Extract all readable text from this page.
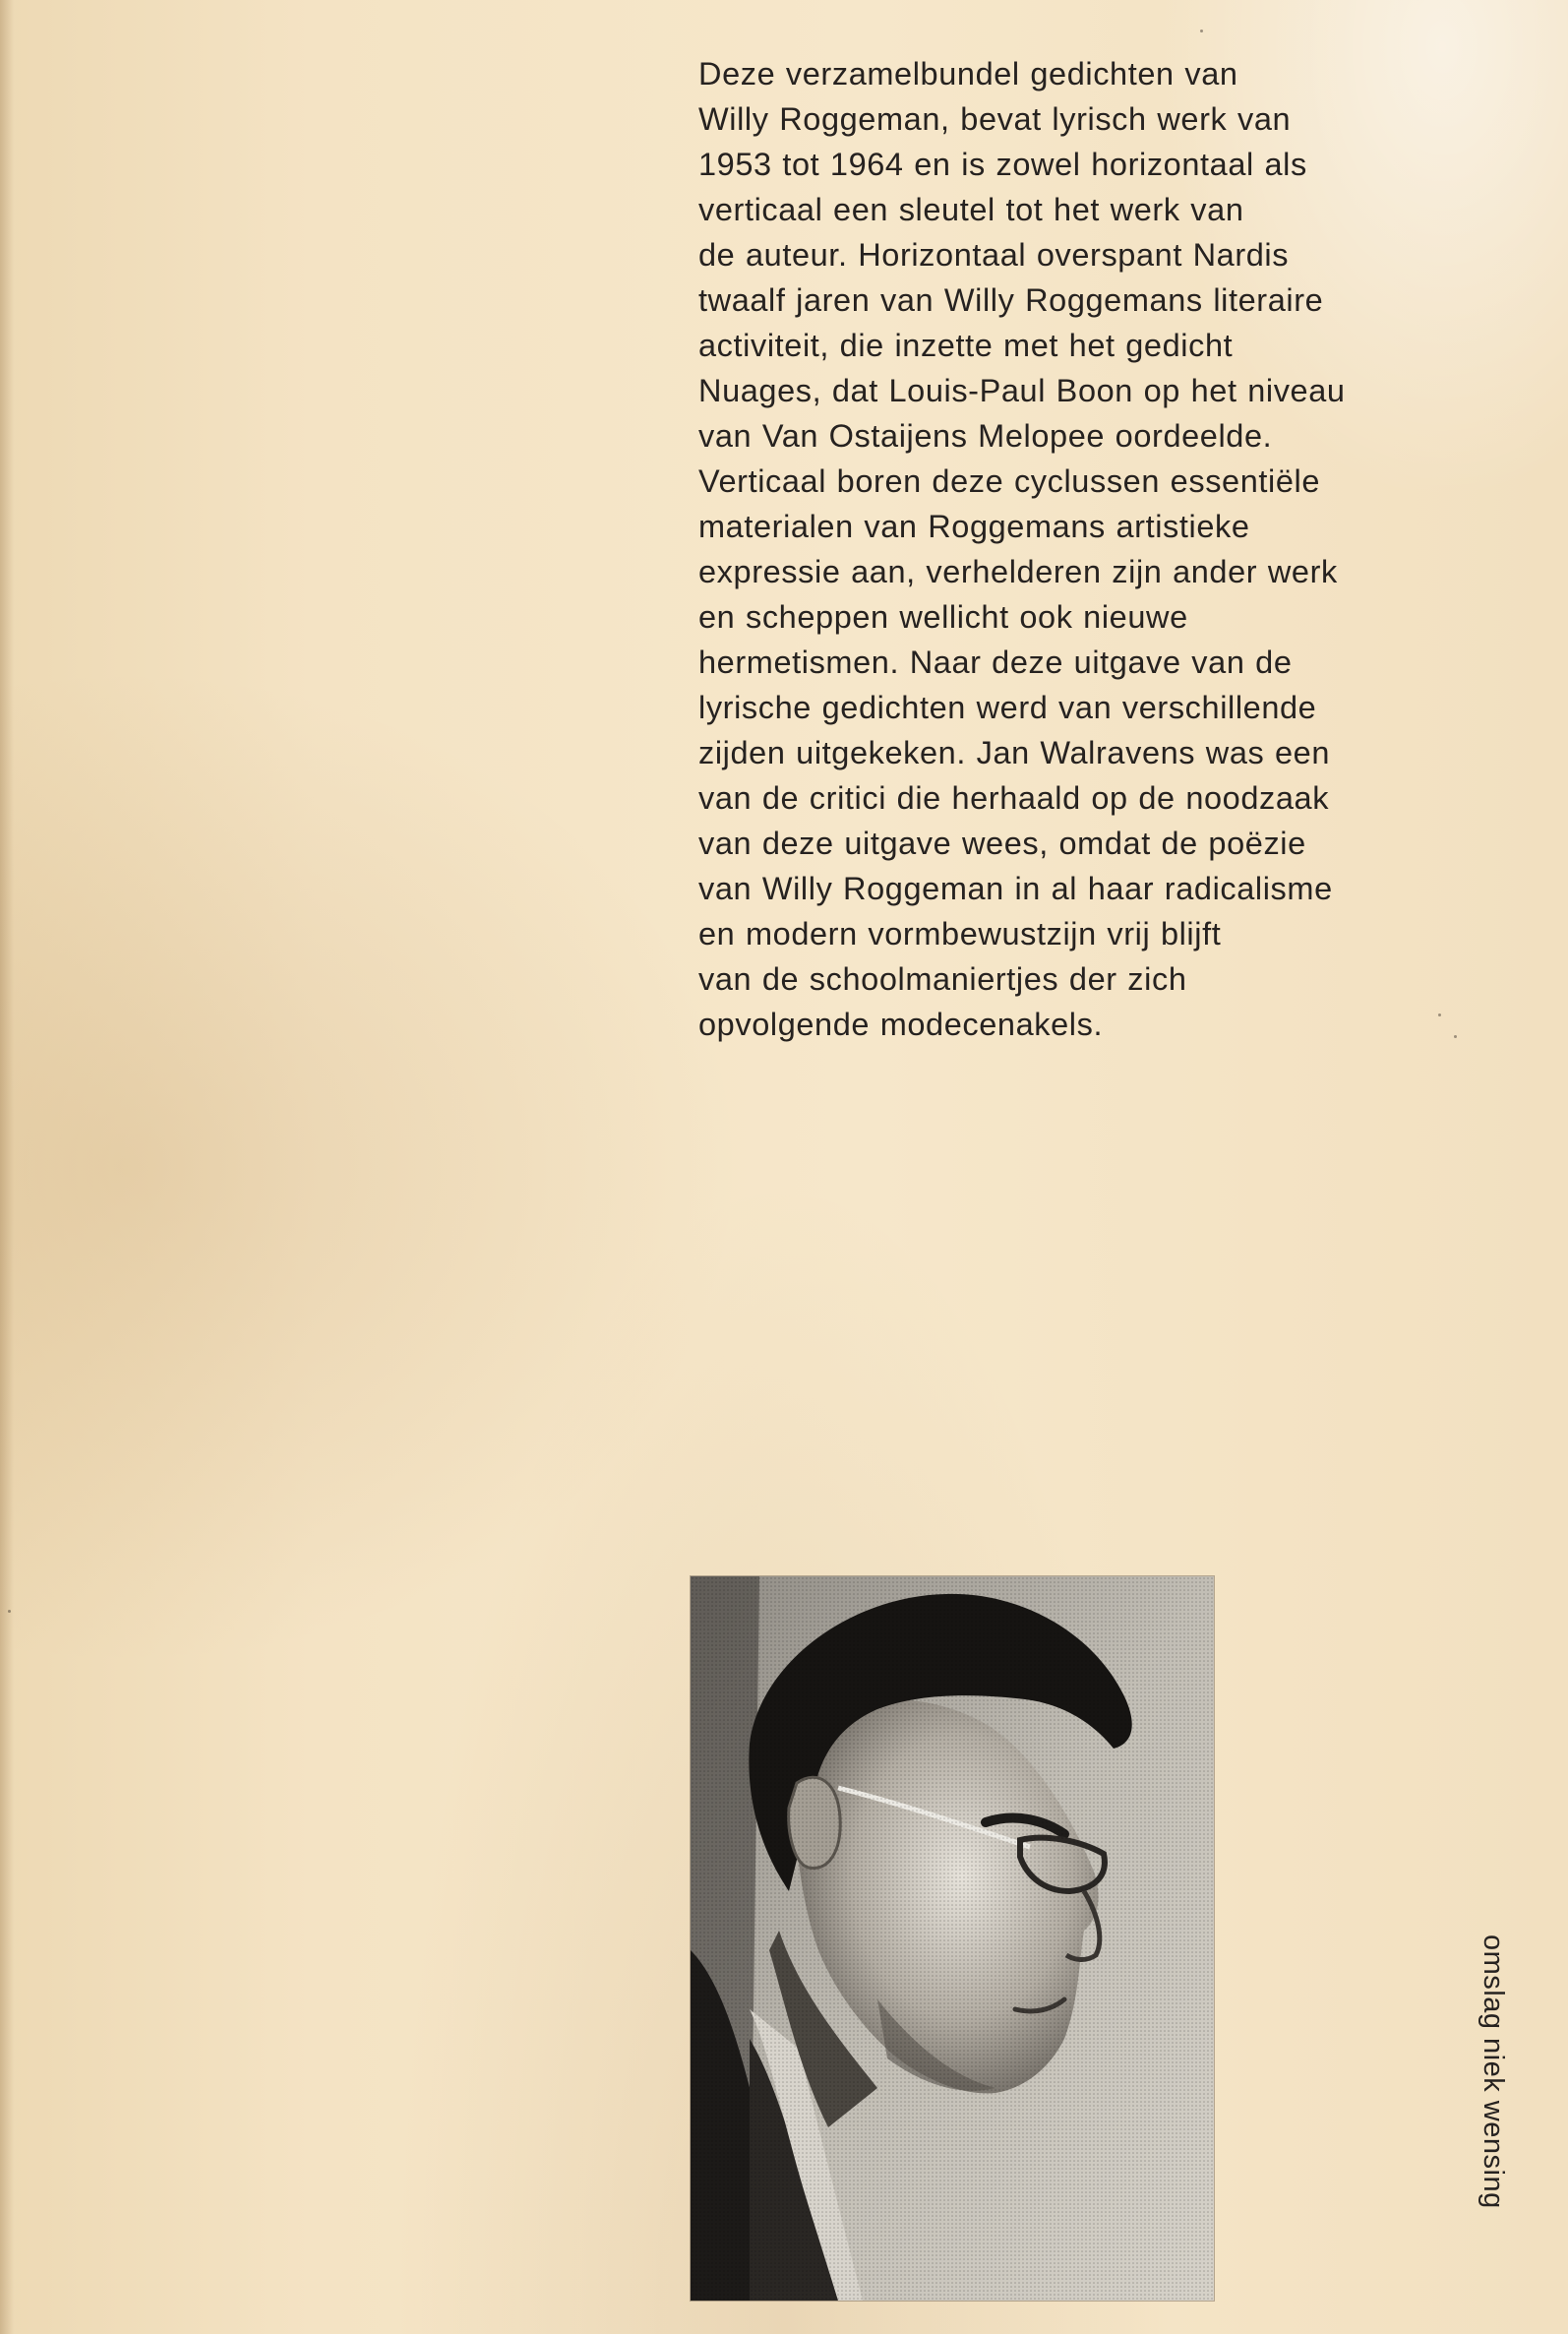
Deze verzamelbundel gedichten van
Willy Roggeman, bevat lyrisch werk van
1953 tot 1964 en is zowel horizontaal als
verticaal een sleutel tot het werk van
de auteur. Horizontaal overspant Nardis
twaalf jaren van Willy Roggemans literaire
activiteit, die inzette met het gedicht
Nuages, dat Louis-Paul Boon op het niveau
van Van Ostaijens Melopee oordeelde.
Verticaal boren deze cyclussen essentiële
materialen van Roggemans artistieke
expressie aan, verhelderen zijn ander werk
en scheppen wellicht ook nieuwe
hermetismen. Naar deze uitgave van de
lyrische gedichten werd van verschillende
zijden uitgekeken. Jan Walravens was een
van de critici die herhaald op de noodzaak
van deze uitgave wees, omdat de poëzie
van Willy Roggeman in al haar radicalisme
en modern vormbewustzijn vrij blijft
van de schoolmaniertjes der zich
opvolgende modecenakels.
omslag niek wensing
